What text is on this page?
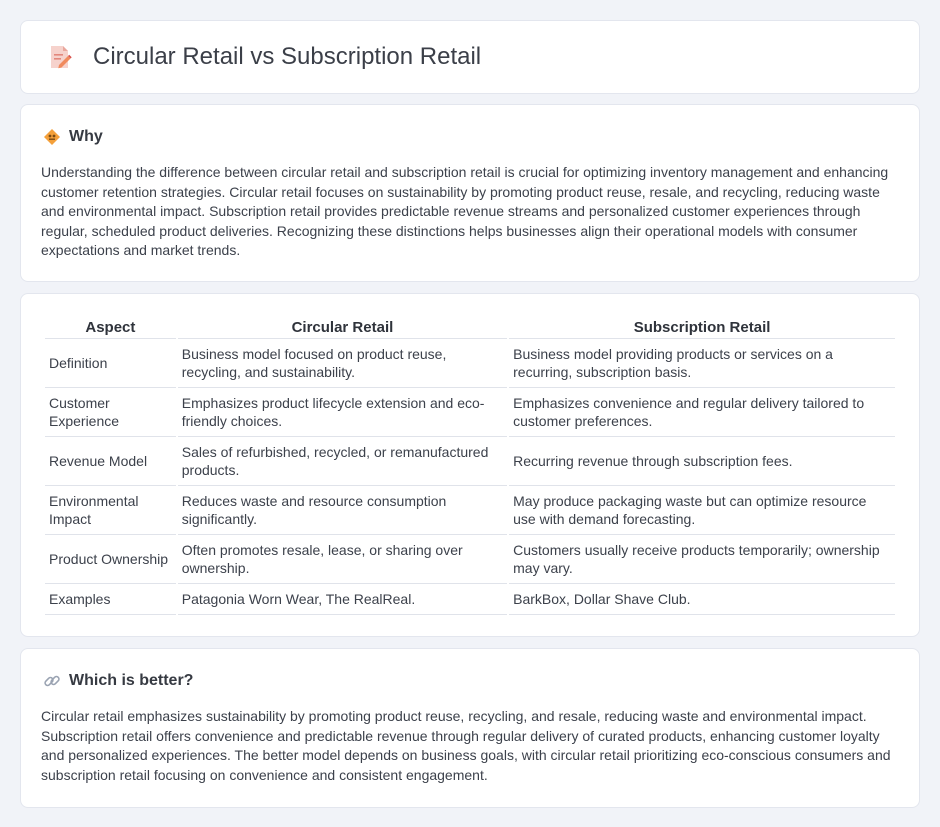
Circular Retail vs Subscription Retail
Why

Understanding the difference between circular retail and subscription retail is crucial for optimizing inventory management and enhancing customer retention strategies. Circular retail focuses on sustainability by promoting product reuse, resale, and recycling, reducing waste and environmental impact. Subscription retail provides predictable revenue streams and personalized customer experiences through regular, scheduled product deliveries. Recognizing these distinctions helps businesses align their operational models with consumer expectations and market trends.

Aspect	Circular Retail	Subscription Retail
Definition	Business model focused on product reuse, recycling, and sustainability.	Business model providing products or services on a recurring, subscription basis.
Customer Experience	Emphasizes product lifecycle extension and eco-friendly choices.	Emphasizes convenience and regular delivery tailored to customer preferences.
Revenue Model	Sales of refurbished, recycled, or remanufactured products.	Recurring revenue through subscription fees.
Environmental Impact	Reduces waste and resource consumption significantly.	May produce packaging waste but can optimize resource use with demand forecasting.
Product Ownership	Often promotes resale, lease, or sharing over ownership.	Customers usually receive products temporarily; ownership may vary.
Examples	Patagonia Worn Wear, The RealReal.	BarkBox, Dollar Shave Club.
Which is better?

Circular retail emphasizes sustainability by promoting product reuse, recycling, and resale, reducing waste and environmental impact. Subscription retail offers convenience and predictable revenue through regular delivery of curated products, enhancing customer loyalty and personalized experiences. The better model depends on business goals, with circular retail prioritizing eco-conscious consumers and subscription retail focusing on convenience and consistent engagement.
